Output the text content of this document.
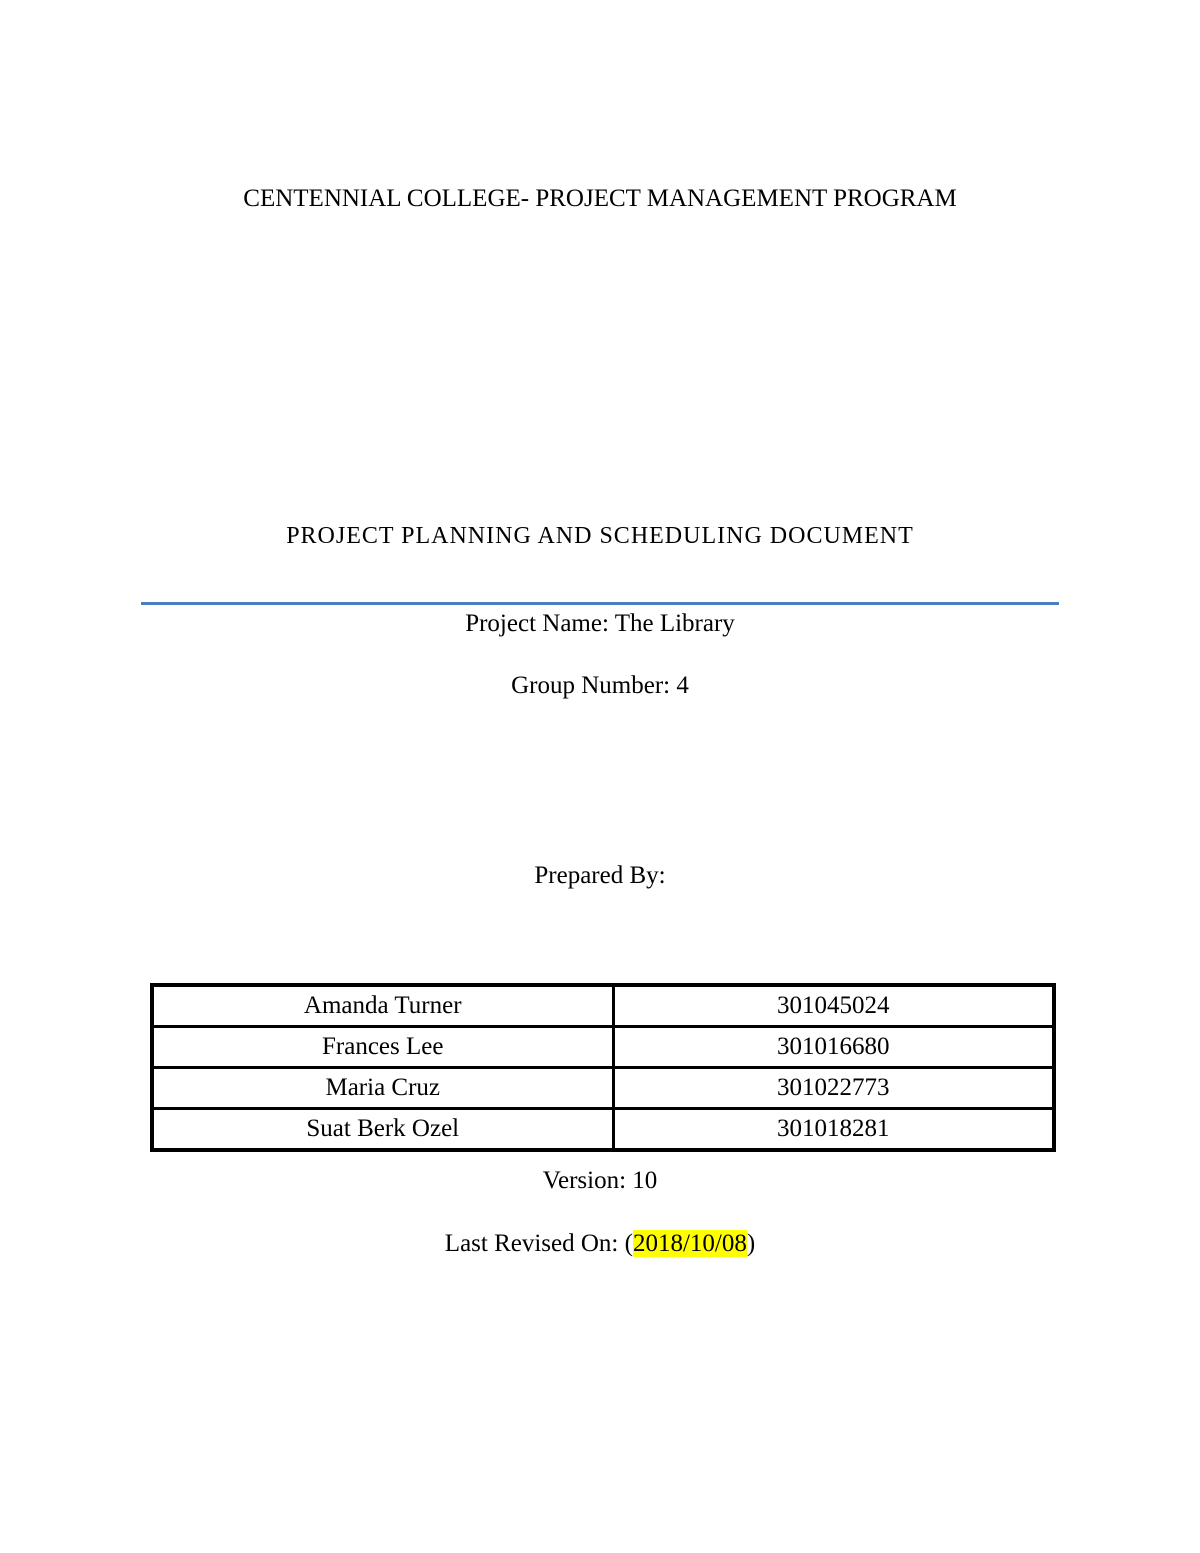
CENTENNIAL COLLEGE- PROJECT MANAGEMENT PROGRAM
PROJECT PLANNING AND SCHEDULING DOCUMENT
Project Name: The Library
Group Number: 4
Prepared By:
Amanda Turner	301045024
Frances Lee	301016680
Maria Cruz	301022773
Suat Berk Ozel	301018281
Version: 10
Last Revised On: (2018/10/08)
